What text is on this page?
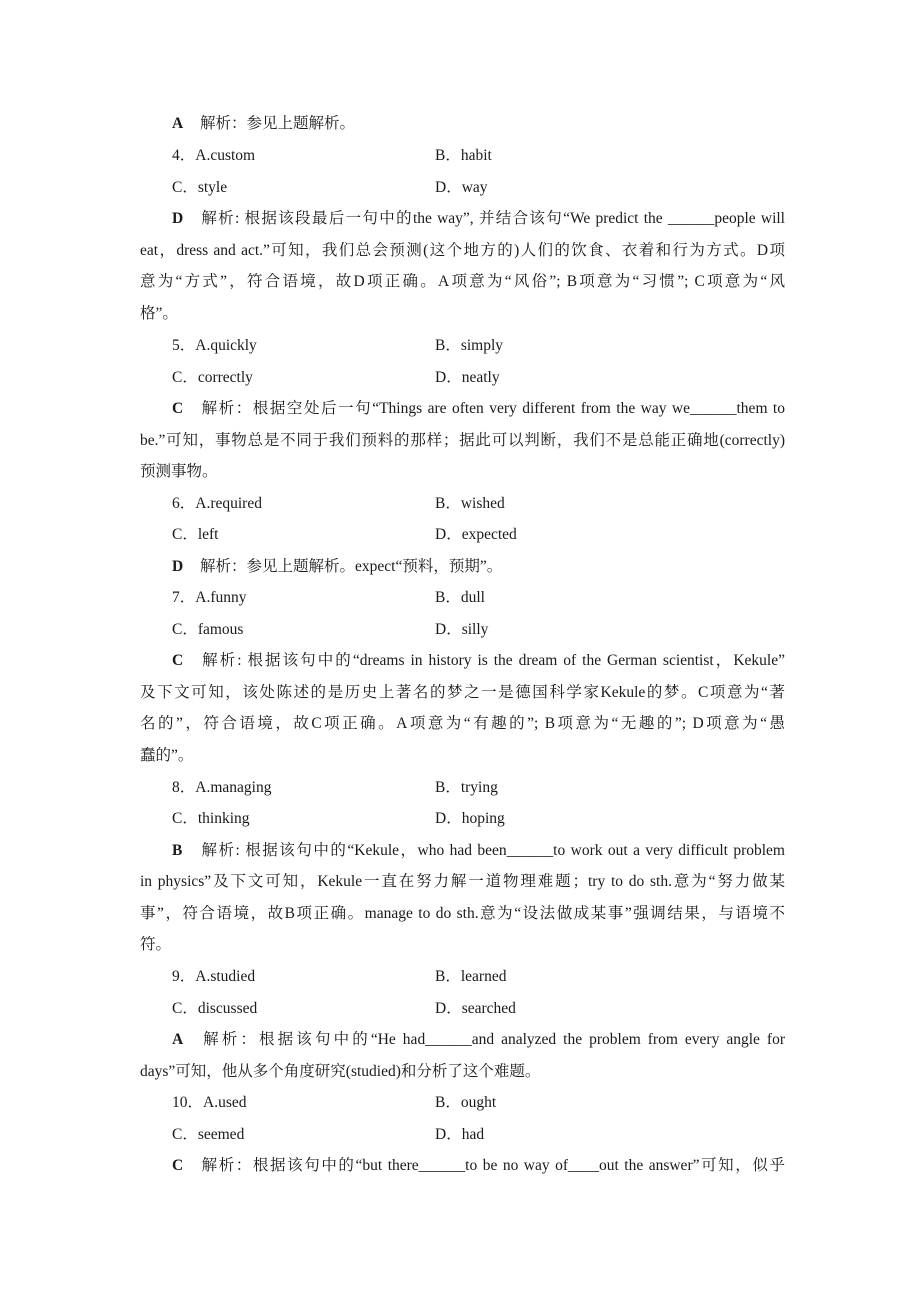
A 解析：参见上题解析。
4．A.custom	B．habit
C．style	D．way
D 解析: 根据该段最后一句中的the way”, 并结合该句“We predict the ______people will
eat，dress and act.”可知，我们总会预测(这个地方的)人们的饮食、衣着和行为方式。D项
意为“方式”，符合语境，故D项正确。A项意为“风俗”; B项意为“习惯”; C项意为“风
格”。
5．A.quickly	B．simply
C．correctly	D．neatly
C 解析：根据空处后一句“Things are often very different from the way we______them to
be.”可知，事物总是不同于我们预料的那样；据此可以判断，我们不是总能正确地(correctly)
预测事物。
6．A.required	B．wished
C．left	D．expected
D 解析：参见上题解析。expect“预料，预期”。
7．A.funny	B．dull
C．famous	D．silly
C 解析: 根据该句中的“dreams in history is the dream of the German scientist，Kekule”
及下文可知，该处陈述的是历史上著名的梦之一是德国科学家Kekule的梦。C项意为“著
名的”，符合语境，故C项正确。A项意为“有趣的”; B项意为“无趣的”; D项意为“愚
蠢的”。
8．A.managing	B．trying
C．thinking	D．hoping
B 解析: 根据该句中的“Kekule，who had been______to work out a very difficult problem
in physics”及下文可知，Kekule一直在努力解一道物理难题；try to do sth.意为“努力做某
事”，符合语境，故B项正确。manage to do sth.意为“设法做成某事”强调结果，与语境不
符。
9．A.studied	B．learned
C．discussed	D．searched
A 解析：根据该句中的“He had______and analyzed the problem from every angle for
days”可知，他从多个角度研究(studied)和分析了这个难题。
10．A.used	B．ought
C．seemed	D．had
C 解析：根据该句中的“but there______to be no way of____out the answer”可知，似乎
